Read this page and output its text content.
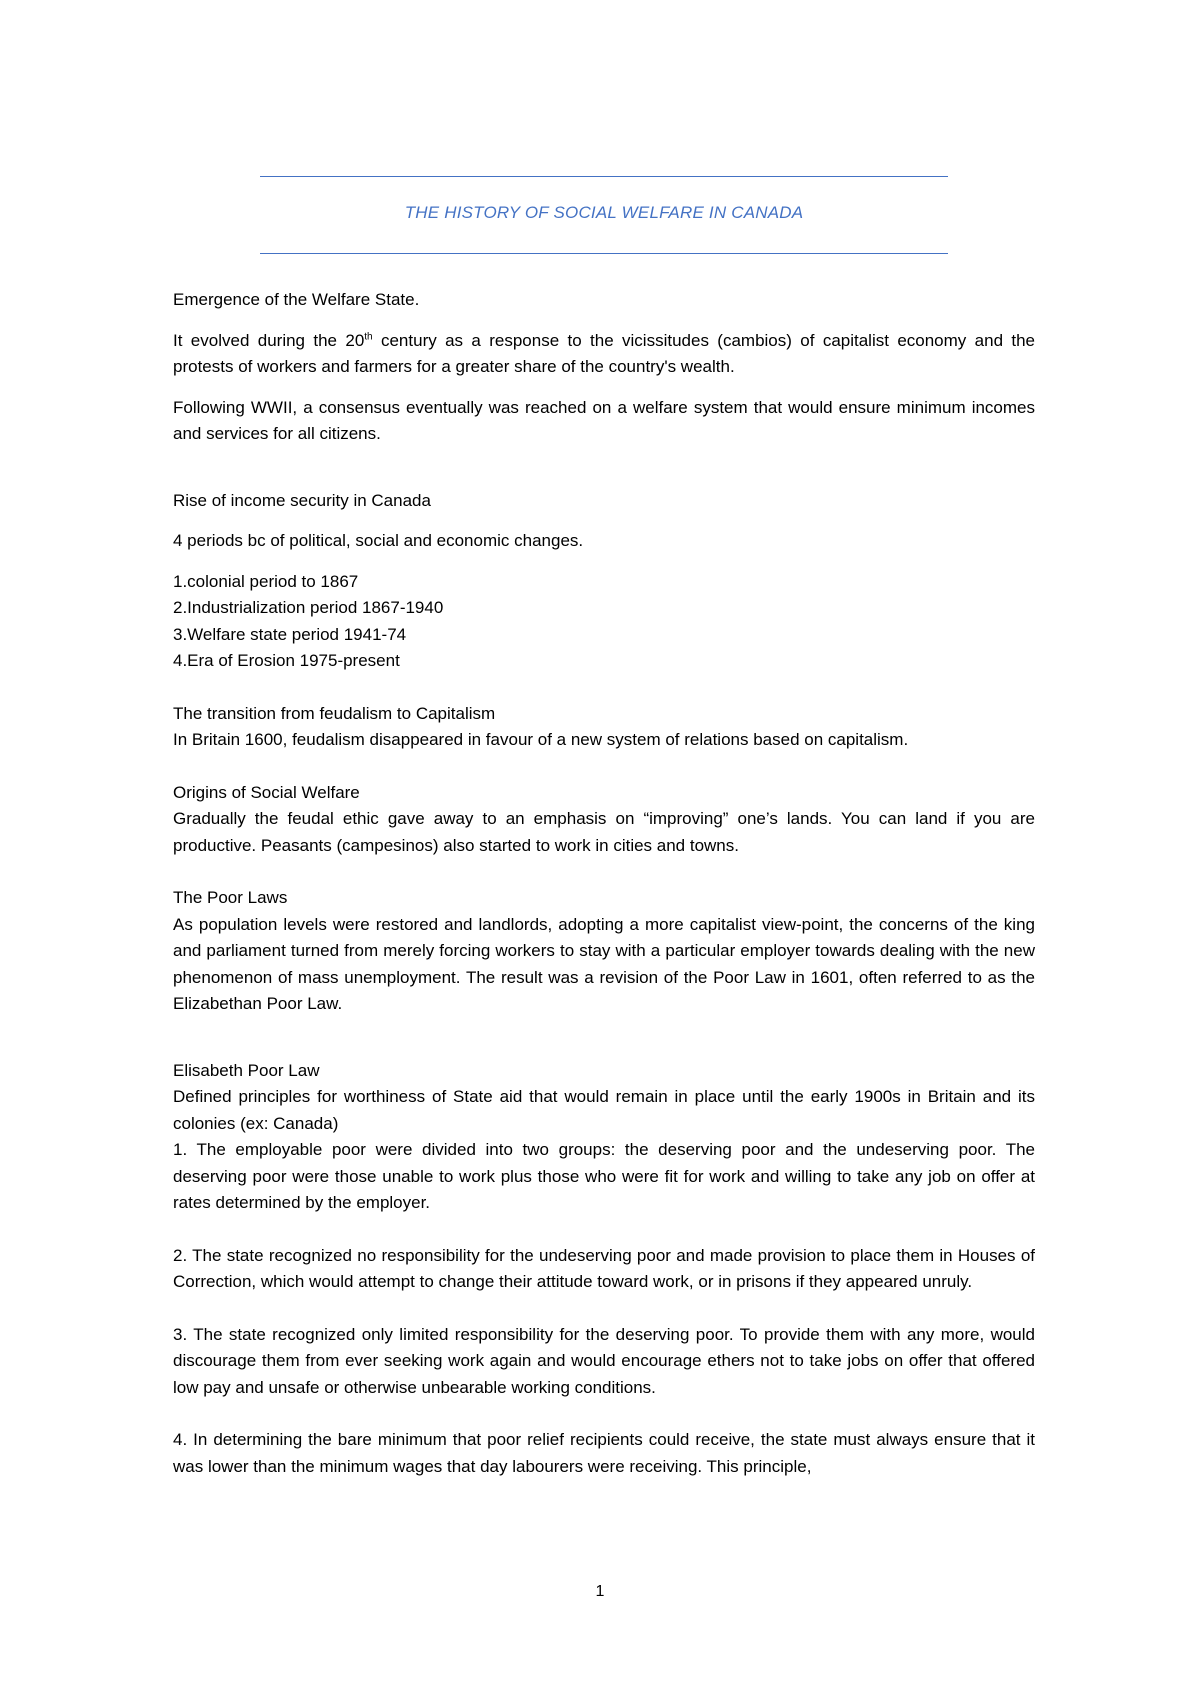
THE HISTORY OF SOCIAL WELFARE IN CANADA

Emergence of the Welfare State.

It evolved during the 20th century as a response to the vicissitudes (cambios) of capitalist economy and the protests of workers and farmers for a greater share of the country's wealth.

Following WWII, a consensus eventually was reached on a welfare system that would ensure minimum incomes and services for all citizens.

Rise of income security in Canada

4 periods bc of political, social and economic changes.

1.colonial period to 1867
2.Industrialization period 1867-1940
3.Welfare state period 1941-74
4.Era of Erosion 1975-present

The transition from feudalism to Capitalism

In Britain 1600, feudalism disappeared in favour of a new system of relations based on capitalism.

Origins of Social Welfare

Gradually the feudal ethic gave away to an emphasis on “improving” one’s lands. You can land if you are productive. Peasants (campesinos) also started to work in cities and towns.

The Poor Laws

As population levels were restored and landlords, adopting a more capitalist view-point, the concerns of the king and parliament turned from merely forcing workers to stay with a particular employer towards dealing with the new phenomenon of mass unemployment. The result was a revision of the Poor Law in 1601, often referred to as the Elizabethan Poor Law.

Elisabeth Poor Law

Defined principles for worthiness of State aid that would remain in place until the early 1900s in Britain and its colonies (ex: Canada)

1. The employable poor were divided into two groups: the deserving poor and the undeserving poor. The deserving poor were those unable to work plus those who were fit for work and willing to take any job on offer at rates determined by the employer.

2. The state recognized no responsibility for the undeserving poor and made provision to place them in Houses of Correction, which would attempt to change their attitude toward work, or in prisons if they appeared unruly.

3. The state recognized only limited responsibility for the deserving poor. To provide them with any more, would discourage them from ever seeking work again and would encourage ethers not to take jobs on offer that offered low pay and unsafe or otherwise unbearable working conditions.

4. In determining the bare minimum that poor relief recipients could receive, the state must always ensure that it was lower than the minimum wages that day labourers were receiving. This principle,

1
